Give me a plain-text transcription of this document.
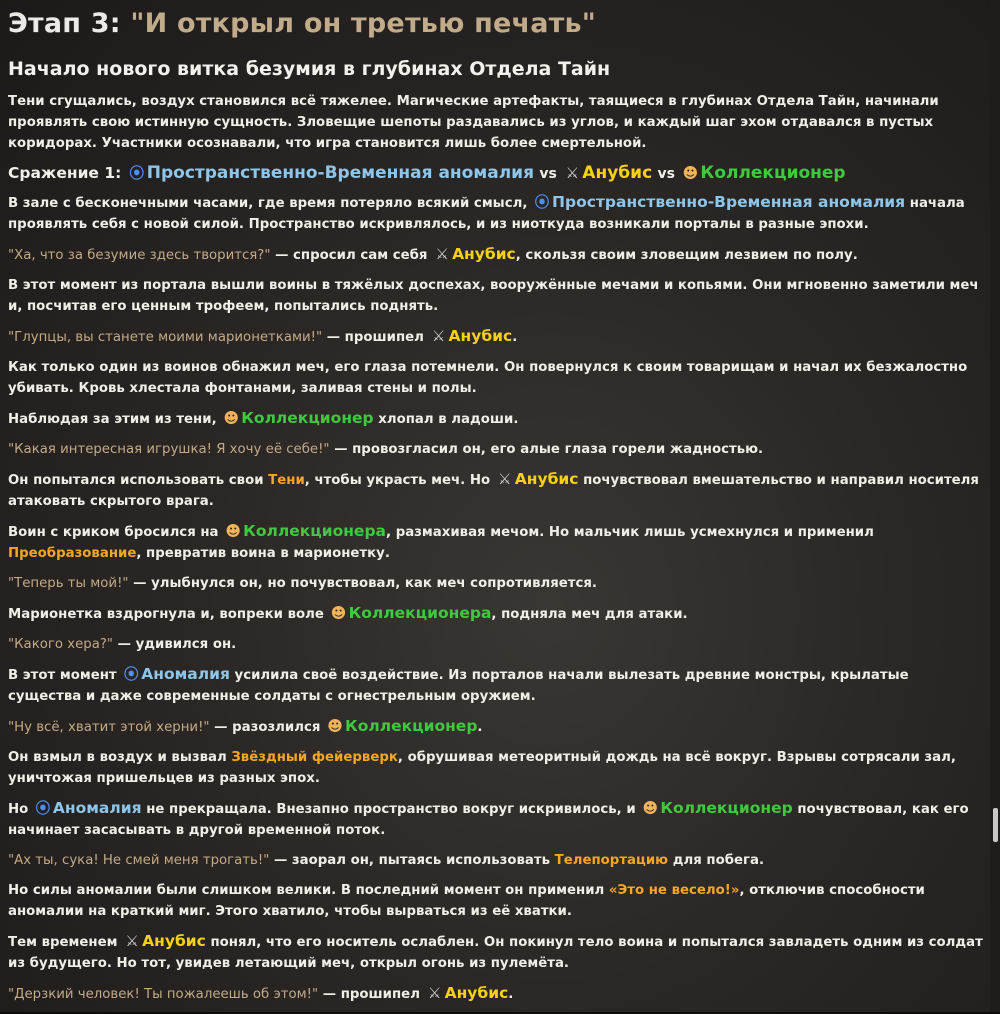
Этап 3: "И открыл он третью печать"
Начало нового витка безумия в глубинах Отдела Тайн

Тени сгущались, воздух становился всё тяжелее. Магические артефакты, таящиеся в глубинах Отдела Тайн, начинали проявлять свою истинную сущность. Зловещие шепоты раздавались из углов, и каждый шаг эхом отдавался в пустых коридорах. Участники осознавали, что игра становится лишь более смертельной.

Сражение 1: ⦿ Пространственно-Временная аномалия vs ⚔ Анубис vs ☻ Коллекционер

В зале с бесконечными часами, где время потеряло всякий смысл, ⦿ Пространственно-Временная аномалия начала проявлять себя с новой силой. Пространство искривлялось, и из ниоткуда возникали порталы в разные эпохи.

"Ха, что за безумие здесь творится?" — спросил сам себя ⚔ Анубис, скользя своим зловещим лезвием по полу.

В этот момент из портала вышли воины в тяжёлых доспехах, вооружённые мечами и копьями. Они мгновенно заметили меч и, посчитав его ценным трофеем, попытались поднять.

"Глупцы, вы станете моими марионетками!" — прошипел ⚔ Анубис.

Как только один из воинов обнажил меч, его глаза потемнели. Он повернулся к своим товарищам и начал их безжалостно убивать. Кровь хлестала фонтанами, заливая стены и полы.

Наблюдая за этим из тени, ☻ Коллекционер хлопал в ладоши.

"Какая интересная игрушка! Я хочу её себе!" — провозгласил он, его алые глаза горели жадностью.

Он попытался использовать свои Тени, чтобы украсть меч. Но ⚔ Анубис почувствовал вмешательство и направил носителя атаковать скрытого врага.

Воин с криком бросился на ☻ Коллекционера, размахивая мечом. Но мальчик лишь усмехнулся и применил Преобразование, превратив воина в марионетку.

"Теперь ты мой!" — улыбнулся он, но почувствовал, как меч сопротивляется.

Марионетка вздрогнула и, вопреки воле ☻ Коллекционера, подняла меч для атаки.

"Какого хера?" — удивился он.

В этот момент ⦿ Аномалия усилила своё воздействие. Из порталов начали вылезать древние монстры, крылатые существа и даже современные солдаты с огнестрельным оружием.

"Ну всё, хватит этой херни!" — разозлился ☻ Коллекционер.

Он взмыл в воздух и вызвал Звёздный фейерверк, обрушивая метеоритный дождь на всё вокруг. Взрывы сотрясали зал, уничтожая пришельцев из разных эпох.

Но ⦿ Аномалия не прекращала. Внезапно пространство вокруг искривилось, и ☻ Коллекционер почувствовал, как его начинает засасывать в другой временной поток.

"Ах ты, сука! Не смей меня трогать!" — заорал он, пытаясь использовать Телепортацию для побега.

Но силы аномалии были слишком велики. В последний момент он применил «Это не весело!», отключив способности аномалии на краткий миг. Этого хватило, чтобы вырваться из её хватки.

Тем временем ⚔ Анубис понял, что его носитель ослаблен. Он покинул тело воина и попытался завладеть одним из солдат из будущего. Но тот, увидев летающий меч, открыл огонь из пулемёта.

"Дерзкий человек! Ты пожалеешь об этом!" — прошипел ⚔ Анубис.
